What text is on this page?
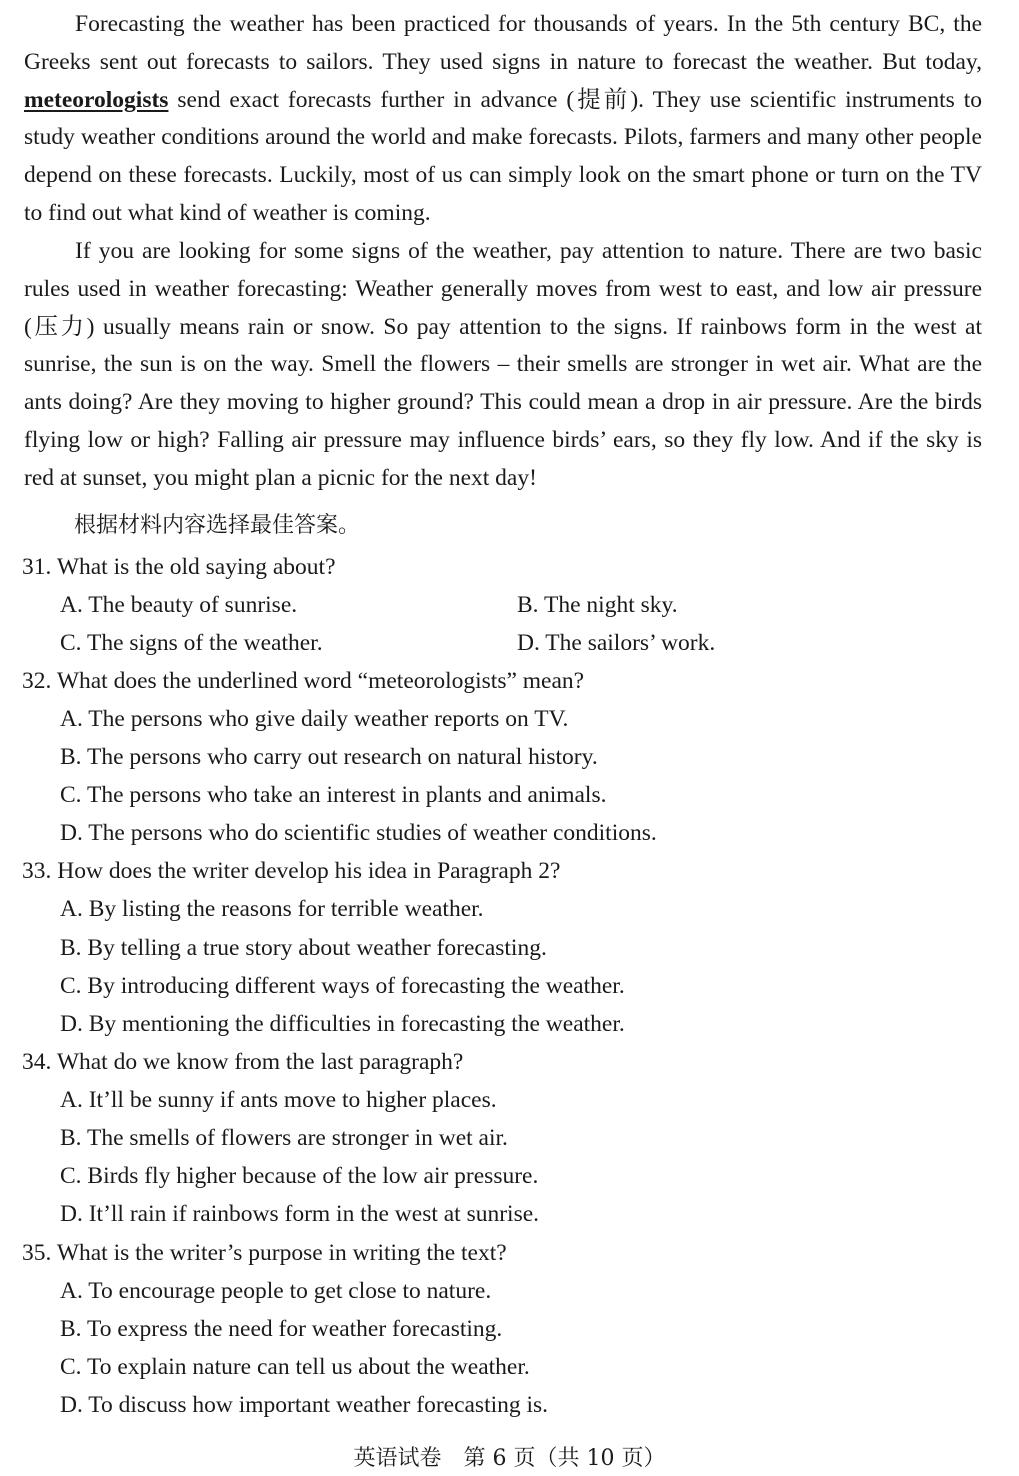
Forecasting the weather has been practiced for thousands of years. In the 5th century BC, the Greeks sent out forecasts to sailors. They used signs in nature to forecast the weather. But today, meteorologists send exact forecasts further in advance (提前). They use scientific instruments to study weather conditions around the world and make forecasts. Pilots, farmers and many other people depend on these forecasts. Luckily, most of us can simply look on the smart phone or turn on the TV to find out what kind of weather is coming.

If you are looking for some signs of the weather, pay attention to nature. There are two basic rules used in weather forecasting: Weather generally moves from west to east, and low air pressure (压力) usually means rain or snow. So pay attention to the signs. If rainbows form in the west at sunrise, the sun is on the way. Smell the flowers – their smells are stronger in wet air. What are the ants doing? Are they moving to higher ground? This could mean a drop in air pressure. Are the birds flying low or high? Falling air pressure may influence birds’ ears, so they fly low. And if the sky is red at sunset, you might plan a picnic for the next day!

根据材料内容选择最佳答案。
31. What is the old saying about?
A. The beauty of sunrise.	B. The night sky.
C. The signs of the weather.	D. The sailors’ work.
32. What does the underlined word “meteorologists” mean?
A. The persons who give daily weather reports on TV.
B. The persons who carry out research on natural history.
C. The persons who take an interest in plants and animals.
D. The persons who do scientific studies of weather conditions.
33. How does the writer develop his idea in Paragraph 2?
A. By listing the reasons for terrible weather.
B. By telling a true story about weather forecasting.
C. By introducing different ways of forecasting the weather.
D. By mentioning the difficulties in forecasting the weather.
34. What do we know from the last paragraph?
A. It’ll be sunny if ants move to higher places.
B. The smells of flowers are stronger in wet air.
C. Birds fly higher because of the low air pressure.
D. It’ll rain if rainbows form in the west at sunrise.
35. What is the writer’s purpose in writing the text?
A. To encourage people to get close to nature.
B. To express the need for weather forecasting.
C. To explain nature can tell us about the weather.
D. To discuss how important weather forecasting is.
英语试卷　第 6 页（共 10 页）
